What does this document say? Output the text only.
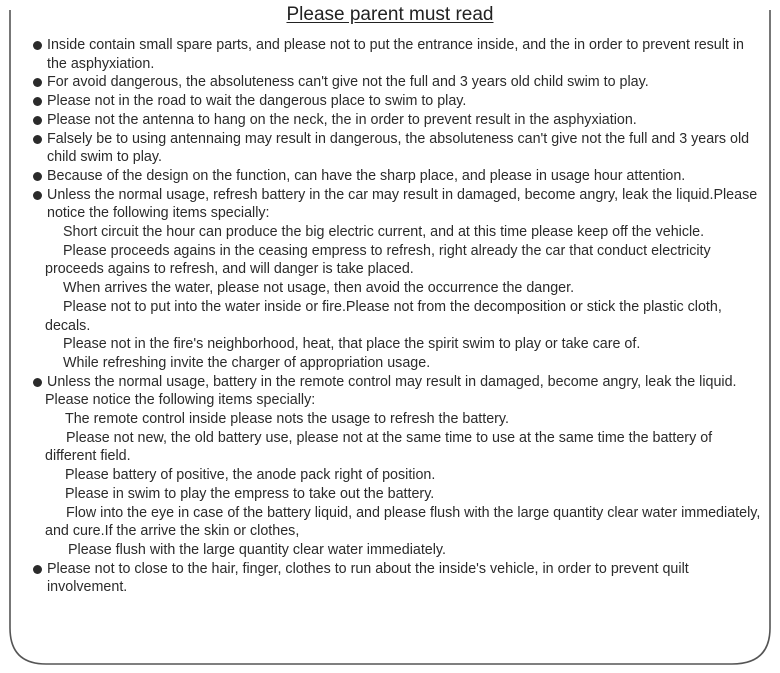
Please parent must read
Inside contain small spare parts, and please not to put the entrance inside, and the in order to prevent result in the asphyxiation.
For avoid dangerous, the absoluteness can't give not the full and 3 years old child swim to play.
Please not in the road to wait the dangerous place to swim to play.
Please not the antenna to hang on the neck, the in order to prevent result in the asphyxiation.
Falsely be to using antennaing may result in dangerous, the absoluteness can't give not the full and 3 years old child swim to play.
Because of the design on the function, can have the sharp place, and please in usage hour attention.
Unless the normal usage, refresh battery in the car may result in damaged, become angry, leak the liquid.Please notice the following items specially:
Short circuit the hour can produce the big electric current, and at this time please keep off the vehicle.
Please proceeds agains in the ceasing empress to refresh, right already the car that conduct electricity proceeds agains to refresh, and will danger is take placed.
When arrives the water, please not usage, then avoid the occurrence the danger.
Please not to put into the water inside or fire.Please not from the decomposition or stick the plastic cloth, decals.
Please not in the fire's neighborhood, heat, that place the spirit swim to play or take care of.
While refreshing invite the charger of appropriation usage.
Unless the normal usage, battery in the remote control may result in damaged, become angry, leak the liquid.
Please notice the following items specially:
The remote control inside please nots the usage to refresh the battery.
Please not new, the old battery use, please not at the same time to use at the same time the battery of different field.
Please battery of positive, the anode pack right of position.
Please in swim to play the empress to take out the battery.
Flow into the eye in case of the battery liquid, and please flush with the large quantity clear water immediately, and cure.If the arrive the skin or clothes,
Please flush with the large quantity clear water immediately.
Please not to close to the hair, finger, clothes to run about the inside's vehicle, in order to prevent quilt involvement.
